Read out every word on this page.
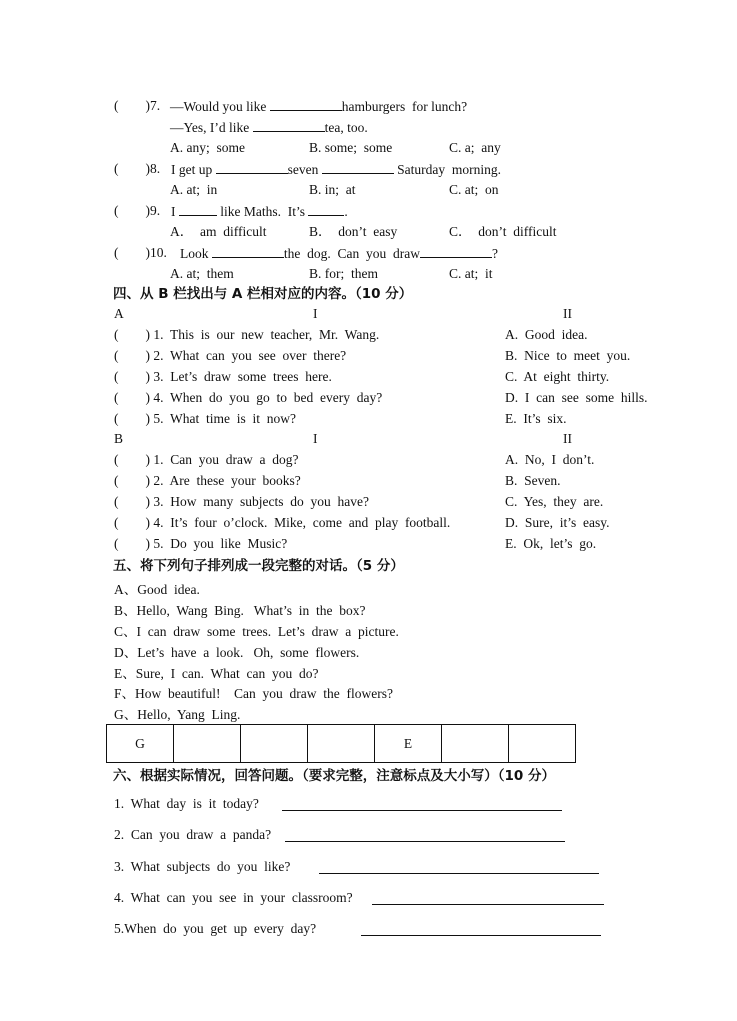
(        )7. —Would you like	hamburgers  for lunch?
—Yes, I’d like	tea, too.
A. any;  some	B. some;  some	C. a;  any
(        )8. I get up	seven	Saturday  morning.
A. at;  in	B. in;  at	C. at;  on
(        )9. I	like Maths.  It’s	.
A．  am  difficult	B．  don’t  easy	C．  don’t  difficult
(        )10. Look	the  dog.  Can  you  draw	?
A. at;  them	B. for;  them	C. at;  it
四、从 B 栏找出与 A 栏相对应的内容。（10 分）
A	I	II
(        ) 1.  This  is  our  new  teacher,  Mr.  Wang.	A.  Good  idea.
(        ) 2.  What  can  you  see  over  there?	B.  Nice  to  meet  you.
(        ) 3.  Let’s  draw  some  trees  here.	C.  At  eight  thirty.
(        ) 4.  When  do  you  go  to  bed  every  day?	D.  I  can  see  some  hills.
(        ) 5.  What  time  is  it  now?	E.  It’s  six.
B	I	II
(        ) 1.  Can  you  draw  a  dog?	A.  No,  I  don’t.
(        ) 2.  Are  these  your  books?	B.  Seven.
(        ) 3.  How  many  subjects  do  you  have?	C.  Yes,  they  are.
(        ) 4.  It’s  four  o’clock.  Mike,  come  and  play  football.	D.  Sure,  it’s  easy.
(        ) 5.  Do  you  like  Music?	E.  Ok,  let’s  go.
五、将下列句子排列成一段完整的对话。（5 分）
A、Good  idea.
B、Hello,  Wang  Bing.   What’s  in  the  box?
C、I  can  draw  some  trees.  Let’s  draw  a  picture.
D、Let’s  have  a  look.   Oh,  some  flowers.
E、Sure,  I  can.  What  can  you  do?
F、How  beautiful!    Can  you  draw  the  flowers?
G、Hello,  Yang  Ling.
G				E		
六、根据实际情况，回答问题。（要求完整，注意标点及大小写）（10 分）
1.  What  day  is  it  today?
2.  Can  you  draw  a  panda?
3.  What  subjects  do  you  like?
4.  What  can  you  see  in  your  classroom?
5.When  do  you  get  up  every  day?
